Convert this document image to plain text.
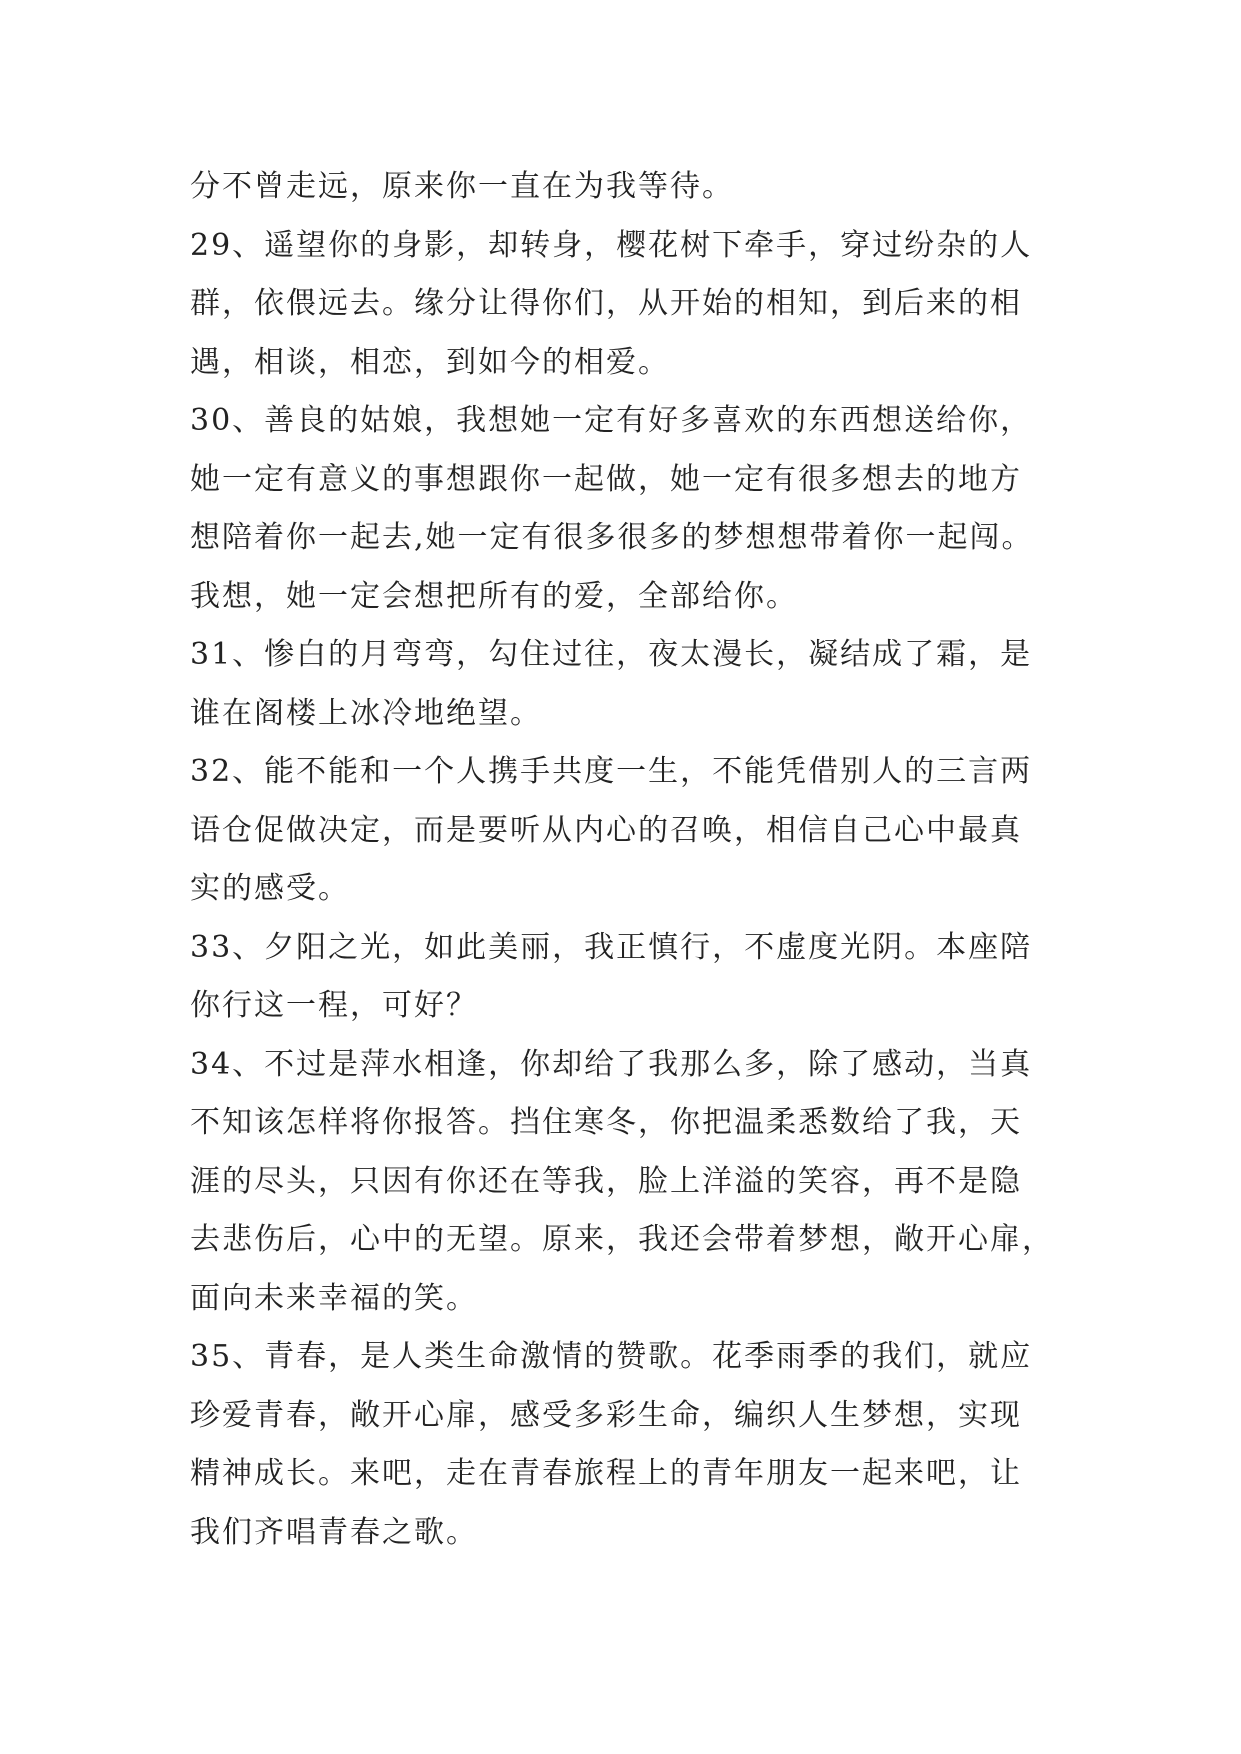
分不曾走远，原来你一直在为我等待。
29、遥望你的身影，却转身，樱花树下牵手，穿过纷杂的人
群，依偎远去。缘分让得你们，从开始的相知，到后来的相
遇，相谈，相恋，到如今的相爱。
30、善良的姑娘，我想她一定有好多喜欢的东西想送给你，
她一定有意义的事想跟你一起做，她一定有很多想去的地方
想陪着你一起去,她一定有很多很多的梦想想带着你一起闯。
我想，她一定会想把所有的爱，全部给你。
31、惨白的月弯弯，勾住过往，夜太漫长，凝结成了霜，是
谁在阁楼上冰冷地绝望。
32、能不能和一个人携手共度一生，不能凭借别人的三言两
语仓促做决定，而是要听从内心的召唤，相信自己心中最真
实的感受。
33、夕阳之光，如此美丽，我正慎行，不虚度光阴。本座陪
你行这一程，可好？
34、不过是萍水相逢，你却给了我那么多，除了感动，当真
不知该怎样将你报答。挡住寒冬，你把温柔悉数给了我，天
涯的尽头，只因有你还在等我，脸上洋溢的笑容，再不是隐
去悲伤后，心中的无望。原来，我还会带着梦想，敞开心扉，
面向未来幸福的笑。
35、青春，是人类生命激情的赞歌。花季雨季的我们，就应
珍爱青春，敞开心扉，感受多彩生命，编织人生梦想，实现
精神成长。来吧，走在青春旅程上的青年朋友一起来吧，让
我们齐唱青春之歌。
